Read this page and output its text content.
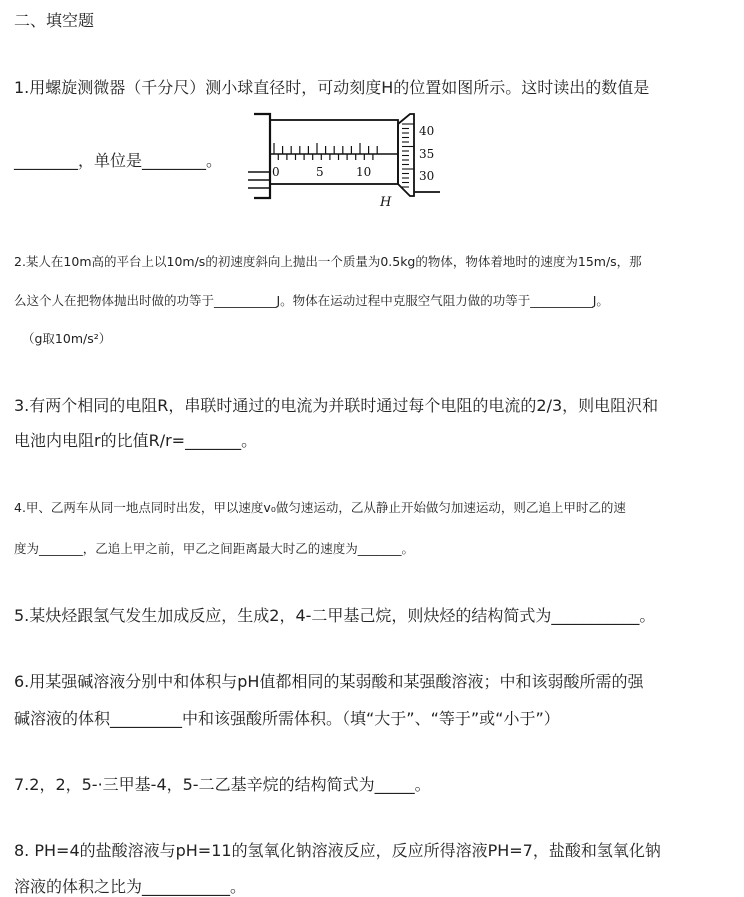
二、填空题

1.用螺旋测微器（千分尺）测小球直径时，可动刻度H的位置如图所示。这时读出的数值是

________，单位是________。

0	5	10
40
35
30
H

2.某人在10m高的平台上以10m/s的初速度斜向上抛出一个质量为0.5kg的物体，物体着地时的速度为15m/s，那

么这个人在把物体抛出时做的功等于__________J。物体在运动过程中克服空气阻力做的功等于__________J。

（g取10m/s²）

3.有两个相同的电阻R，串联时通过的电流为并联时通过每个电阻的电流的2/3，则电阻沢和

电池内电阻r的比值R/r=_______。

4.甲、乙两车从同一地点同时出发，甲以速度v₀做匀速运动，乙从静止开始做匀加速运动，则乙追上甲时乙的速

度为_______，乙追上甲之前，甲乙之间距离最大时乙的速度为_______。

5.某炔烃跟氢气发生加成反应，生成2，4-二甲基己烷，则炔烃的结构简式为___________。

6.用某强碱溶液分别中和体积与pH值都相同的某弱酸和某强酸溶液；中和该弱酸所需的强

碱溶液的体积_________中和该强酸所需体积。（填“大于”、“等于”或“小于”）

7.2，2，5-·三甲基-4，5-二乙基辛烷的结构简式为_____。

8. PH=4的盐酸溶液与pH=11的氢氧化钠溶液反应，反应所得溶液PH=7，盐酸和氢氧化钠

溶液的体积之比为___________。
